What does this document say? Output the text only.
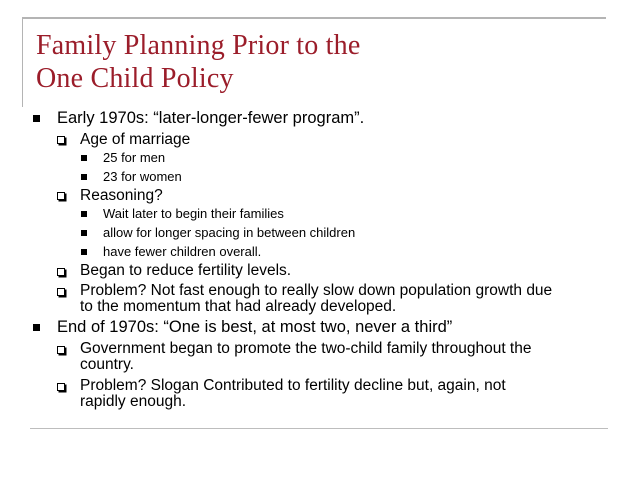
Family Planning Prior to the
One Child Policy
Early 1970s: “later-longer-fewer program”.
Age of marriage
25 for men
23 for women
Reasoning?
Wait later to begin their families
allow for longer spacing in between children
have fewer children overall.
Began to reduce fertility levels.
Problem? Not fast enough to really slow down population growth due
to the momentum that had already developed.
End of 1970s: “One is best, at most two, never a third”
Government began to promote the two-child family throughout the
country.
Problem? Slogan Contributed to fertility decline but, again, not
rapidly enough.
